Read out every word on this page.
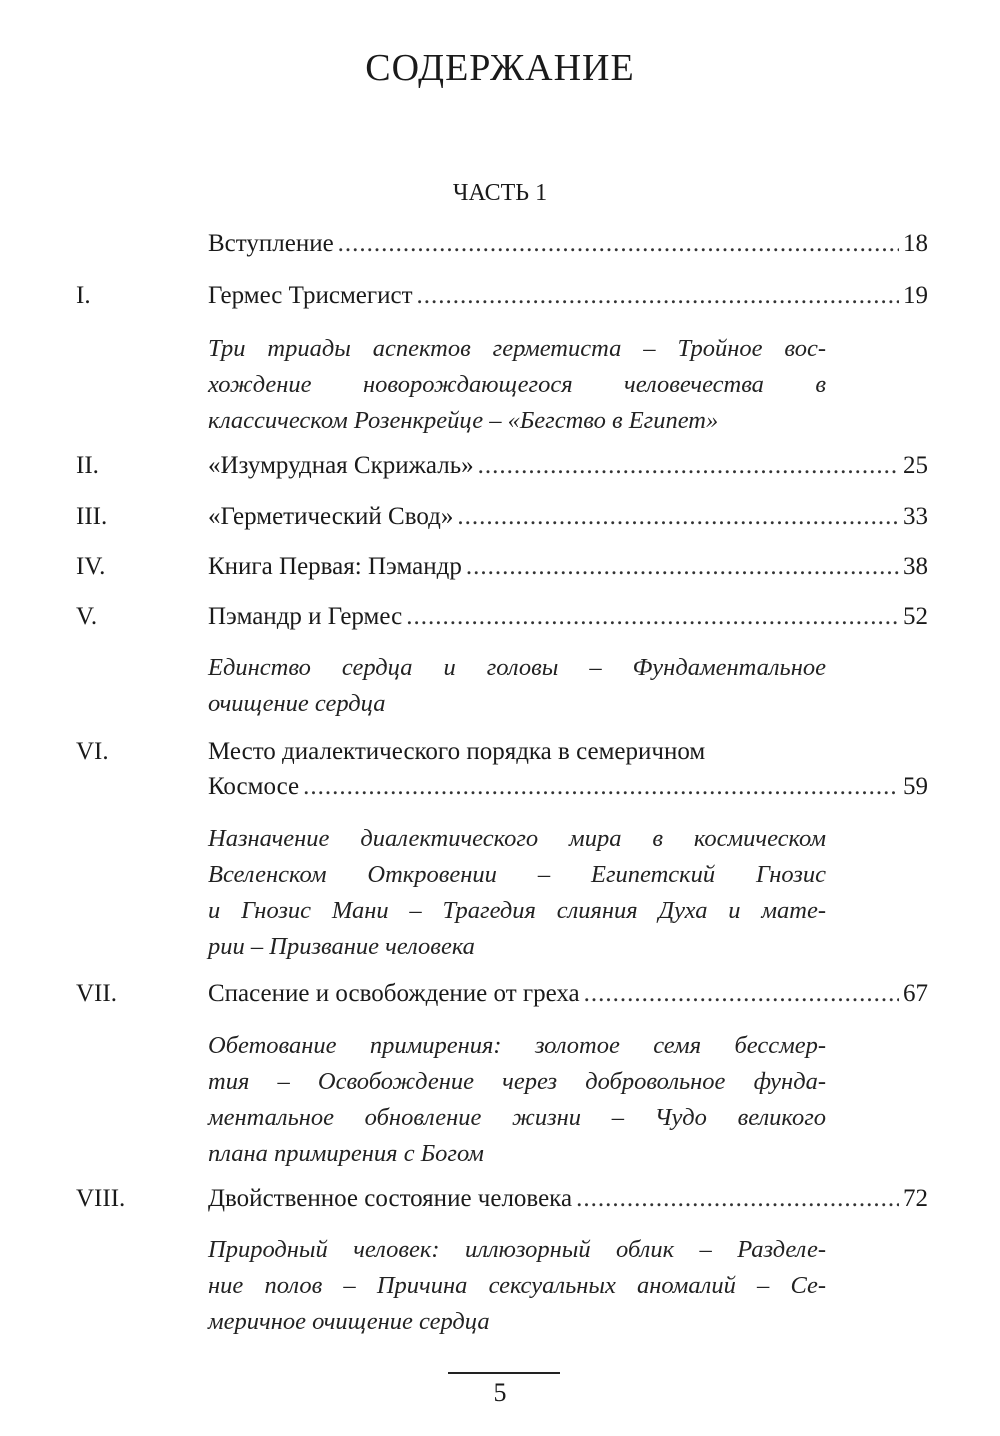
СОДЕРЖАНИЕ
ЧАСТЬ 1
Вступление .....	18
I.	Гермес Трисмегист .....	19
Три триады аспектов герметиста – Тройное вос-
хождение новорождающегося человечества в
классическом Розенкрейце – «Бегство в Египет»
II.	«Изумрудная Скрижаль» .....	25
III.	«Герметический Свод» .....	33
IV.	Книга Первая: Пэмандр .....	38
V.	Пэмандр и Гермес .....	52
Единство сердца и головы – Фундаментальное
очищение сердца
VI.	Место диалектического порядка в семеричном
Космосе .....	59
Назначение диалектического мира в космическом
Вселенском Откровении – Египетский Гнозис
и Гнозис Мани – Трагедия слияния Духа и мате-
рии – Призвание человека
VII.	Спасение и освобождение от греха .....	67
Обетование примирения: золотое семя бессмер-
тия – Освобождение через добровольное фунда-
ментальное обновление жизни – Чудо великого
плана примирения с Богом
VIII.	Двойственное состояние человека .....	72
Природный человек: иллюзорный облик – Разделе-
ние полов – Причина сексуальных аномалий – Се-
меричное очищение сердца
5
